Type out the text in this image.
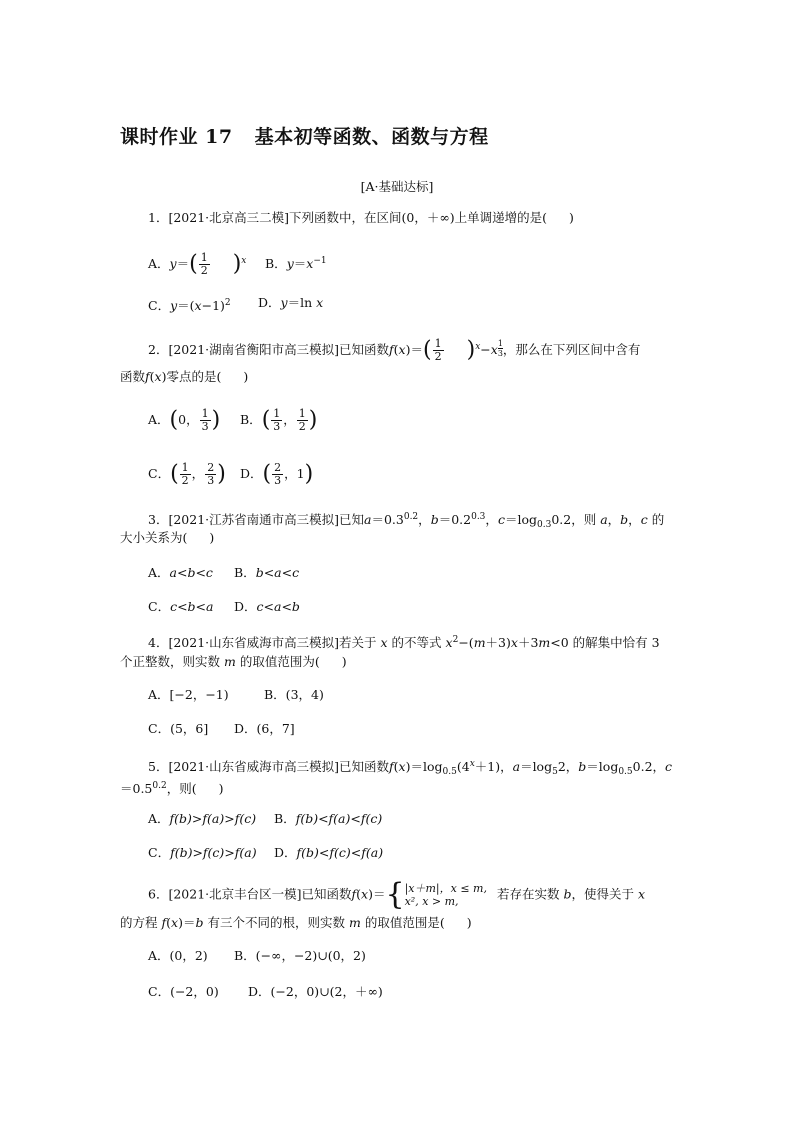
课时作业 17 基本初等函数、函数与方程
[A·基础达标]
1．[2021·北京高三二模]下列函数中，在区间(0，＋∞)上单调递增的是( )
A．$y=( \frac{1}{2} )^x$ B．$y=x^{-1}$
C．$y=(x-1)^2$ D．y＝ln x
2．[2021·湖南省衡阳市高三模拟]已知函数$f(x)=( \frac{1}{2} )^x-x \frac{1}{3}$ ，那么在下列区间中含有
函数f(x)零点的是( )
A．(0， $\frac{1}{3}$ ) B．( $\frac{1}{3}$ ， $\frac{1}{2}$ )
C．( $\frac{1}{2}$ ， $\frac{2}{3}$ ) D．( $\frac{2}{3}$ ，1)
3．[2021·江苏省南通市高三模拟]已知$a=0.3^{0.2}$，$b=0.2^{0.3}$，$c=\log_{0.3}0.2$，则 a，b，c 的
大小关系为( )
A．a<b<c B．b<a<c
C．c<b<a D．c<a<b
4．[2021·山东省威海市高三模拟]若关于 x 的不等式 $x^2-(m+3)x+3m<0$ 的解集中恰有 3
个正整数，则实数 m 的取值范围为( )
A．[−2，−1)	B．(3，4)
C．(5，6] D．(6，7]
5．[2021·山东省威海市高三模拟]已知函数$f(x)=\log_{0.5}(4^x+1)$，$a=\log_52$，$b=\log_{0.5}0.2$，c
$=0.5^{0.2}$，则( )
A．f(b)>f(a)>f(c) B．f(b)<f(a)<f(c)
C．f(b)>f(c)>f(a) D．f(b)<f(c)<f(a)
6．[2021·北京丰台区一模]已知函数f(x)＝{ |x＋m|，x ≤ m,
x², x > m,	若存在实数 b，使得关于 x
的方程 f(x)＝b 有三个不同的根，则实数 m 的取值范围是( )
A．(0，2) B．(−∞，−2)∪(0，2)
C．(−2，0) D．(−2，0)∪(2，＋∞)
